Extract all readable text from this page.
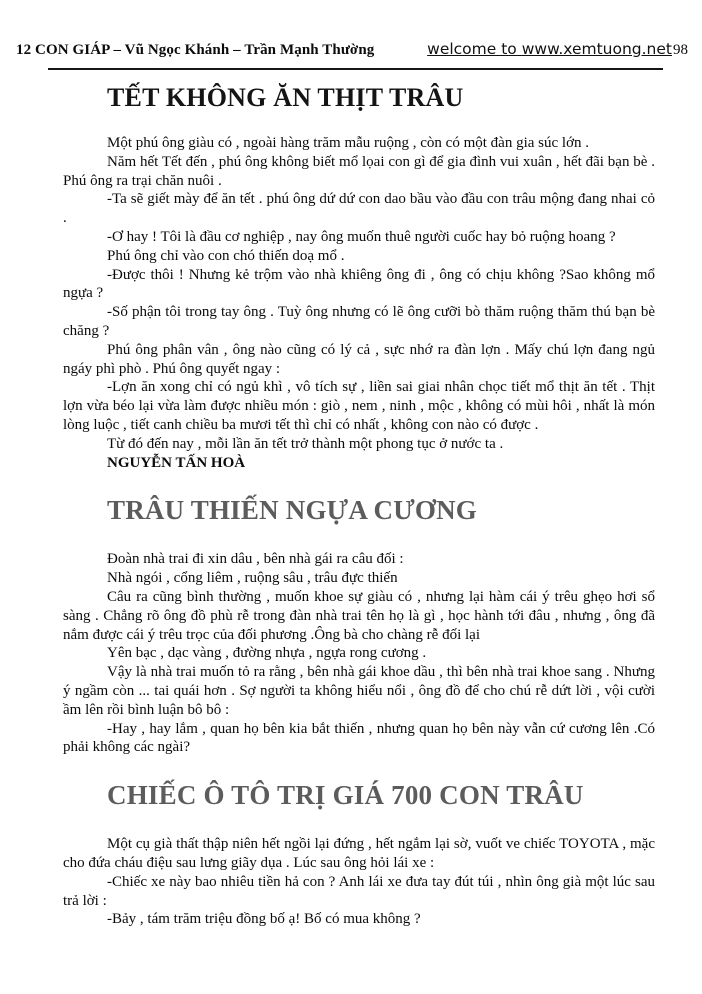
12 CON GIÁP – Vũ Ngọc Khánh – Trần Mạnh Thường	welcome to www.xemtuong.net 98
TẾT KHÔNG ĂN THỊT TRÂU

Một phú ông giàu có , ngoài hàng trăm mẫu ruộng , còn có một đàn gia súc lớn .

Năm hết Tết đến , phú ông không biết mổ lọai con gì để gia đình vui xuân , hết đãi bạn bè . Phú ông ra trại chăn nuôi .

-Ta sẽ giết mày để ăn tết . phú ông dứ dứ con dao bầu vào đầu con trâu mộng đang nhai cỏ .

-Ơ hay ! Tôi là đầu cơ nghiệp , nay ông muốn thuê người cuốc hay bỏ ruộng hoang ?

Phú ông chỉ vào con chó thiến doạ mổ .

-Được thôi ! Nhưng kẻ trộm vào nhà khiêng ông đi , ông có chịu không ?Sao không mổ ngựa ?

-Số phận tôi trong tay ông . Tuỳ ông nhưng có lẽ ông cưỡi bò thăm ruộng thăm thú bạn bè chăng ?

Phú ông phân vân , ông nào cũng có lý cả , sực nhớ ra đàn lợn . Mấy chú lợn đang ngủ ngáy phì phò . Phú ông quyết ngay :

-Lợn ăn xong chỉ có ngủ khì , vô tích sự , liền sai giai nhân chọc tiết mổ thịt ăn tết . Thịt lợn vừa béo lại vừa làm được nhiều món : giò , nem , ninh , mộc , không có mùi hôi , nhất là món lòng luộc , tiết canh chiều ba mươi tết thì chỉ có nhất , không con nào có được .

Từ đó đến nay , mỗi lần ăn tết trở thành một phong tục ở nước ta .

NGUYỄN TẤN HOÀ

TRÂU THIẾN NGỰA CƯƠNG

Đoàn nhà trai đi xin dâu , bên nhà gái ra câu đối :

Nhà ngói , cổng liêm , ruộng sâu , trâu đực thiến

Câu ra cũng bình thường , muốn khoe sự giàu có , nhưng lại hàm cái ý trêu ghẹo hơi sổ sàng . Chẳng rõ ông đồ phù rễ trong đàn nhà trai tên họ là gì , học hành tới đâu , nhưng , ông đã nắm được cái ý trêu trọc của đối phương .Ông bà cho chàng rễ đối lại

Yên bạc , dạc vàng , đường nhựa , ngựa rong cương .

Vậy là nhà trai muốn tỏ ra rằng , bên nhà gái khoe dầu , thì bên nhà trai khoe sang . Nhưng ý ngầm còn ... tai quái hơn . Sợ người ta không hiểu nổi , ông đồ để cho chú rễ dứt lời , vội cười ầm lên rồi bình luận bô bô :

-Hay , hay lắm , quan họ bên kia bắt thiến , nhưng quan họ bên này vẫn cứ cương lên .Có phải không các ngài?

CHIẾC Ô TÔ TRỊ GIÁ 700 CON TRÂU

Một cụ già thất thập niên hết ngồi lại đứng , hết ngắm lại sờ, vuốt ve chiếc TOYOTA , mặc cho đứa cháu điệu sau lưng giãy dụa . Lúc sau ông hỏi lái xe :

-Chiếc xe này bao nhiêu tiền hả con ? Anh lái xe đưa tay đút túi , nhìn ông già một lúc sau trả lời :

-Bảy , tám trăm triệu đồng bố ạ! Bố có mua không ?
